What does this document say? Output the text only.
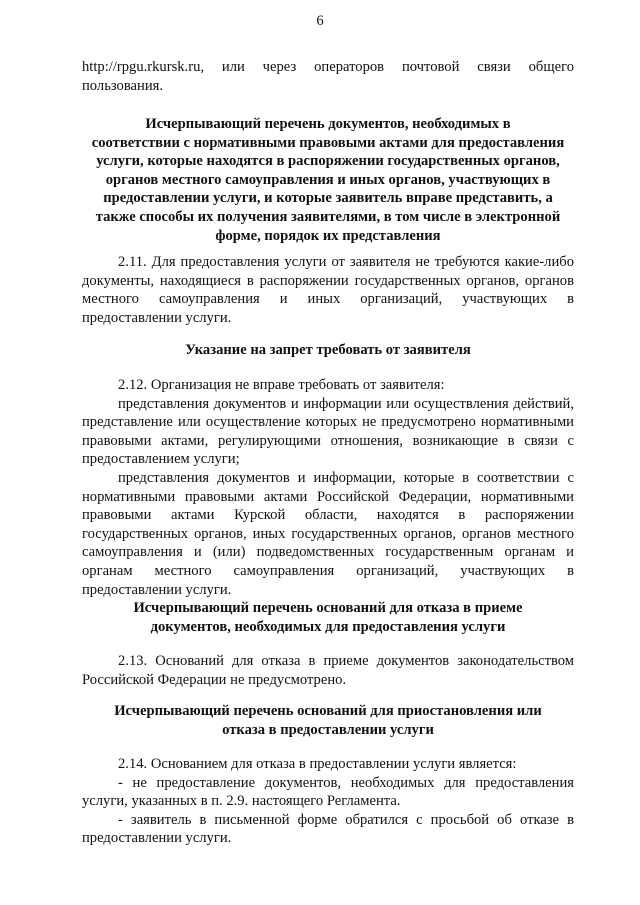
6
http://rpgu.rkursk.ru, или через операторов почтовой связи общего
пользования.
Исчерпывающий перечень документов, необходимых в
соответствии с нормативными правовыми актами для предоставления
услуги, которые находятся в распоряжении государственных органов,
органов местного самоуправления и иных органов, участвующих в
предоставлении услуги, и которые заявитель вправе представить, а
также способы их получения заявителями, в том числе в электронной
форме, порядок их представления
2.11. Для предоставления услуги от заявителя не требуются какие-либо документы, находящиеся в распоряжении государственных органов, органов местного самоуправления и иных организаций, участвующих в предоставлении услуги.
Указание на запрет требовать от заявителя
2.12. Организация не вправе требовать от заявителя:
представления документов и информации или осуществления действий, представление или осуществление которых не предусмотрено нормативными правовыми актами, регулирующими отношения, возникающие в связи с предоставлением услуги;
представления документов и информации, которые в соответствии с нормативными правовыми актами Российской Федерации, нормативными правовыми актами Курской области, находятся в распоряжении государственных органов, иных государственных органов, органов местного самоуправления и (или) подведомственных государственным органам и органам местного самоуправления организаций, участвующих в предоставлении услуги.
Исчерпывающий перечень оснований для отказа в приеме
документов, необходимых для предоставления услуги
2.13. Оснований для отказа в приеме документов законодательством Российской Федерации не предусмотрено.
Исчерпывающий перечень оснований для приостановления или
отказа в предоставлении услуги
2.14. Основанием для отказа в предоставлении услуги является:
- не предоставление документов, необходимых для предоставления услуги, указанных в п. 2.9. настоящего Регламента.
- заявитель в письменной форме обратился с просьбой об отказе в предоставлении услуги.
